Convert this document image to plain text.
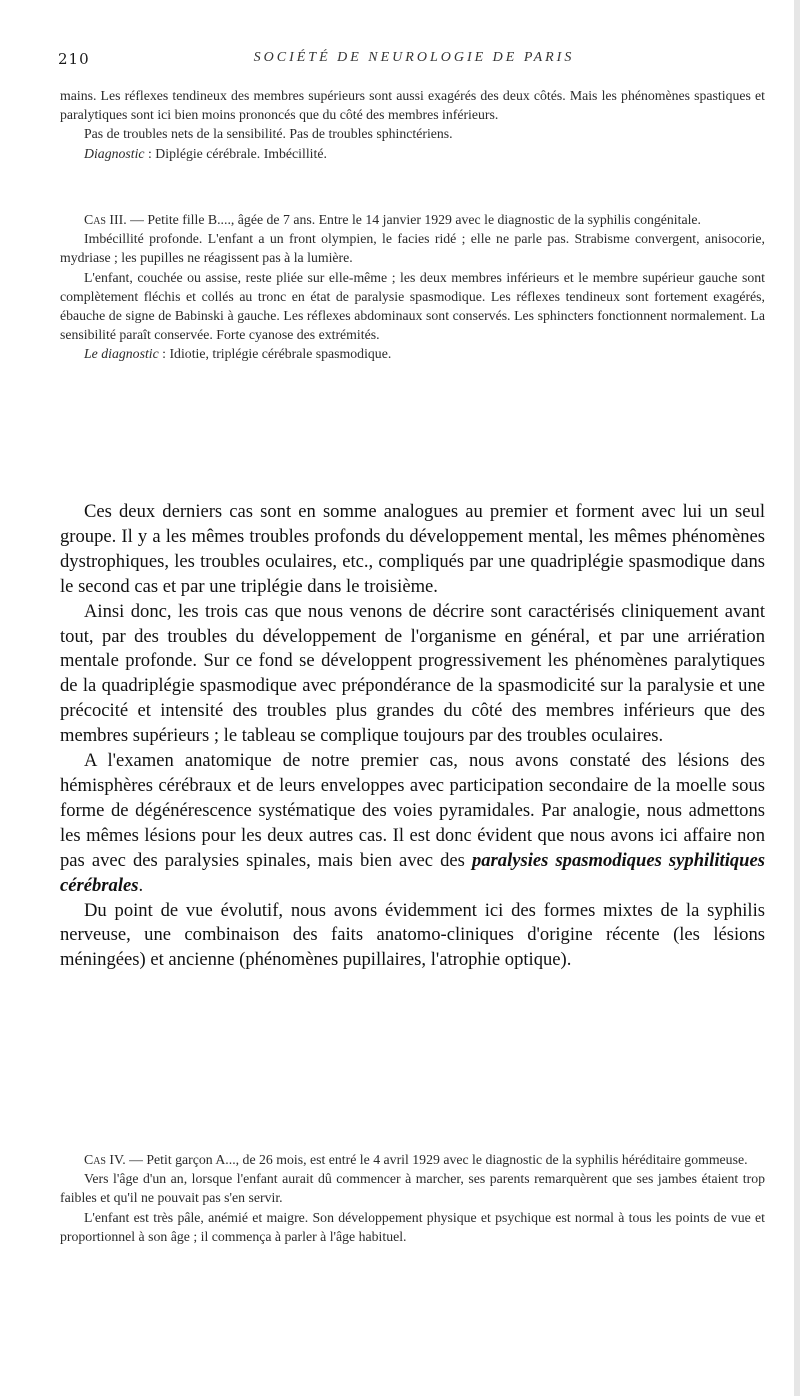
210	SOCIÉTÉ DE NEUROLOGIE DE PARIS

mains. Les réflexes tendineux des membres supérieurs sont aussi exagérés des deux côtés. Mais les phénomènes spastiques et paralytiques sont ici bien moins prononcés que du côté des membres inférieurs.

Pas de troubles nets de la sensibilité. Pas de troubles sphinctériens.

Diagnostic : Diplégie cérébrale. Imbécillité.

Cas III. — Petite fille B...., âgée de 7 ans. Entre le 14 janvier 1929 avec le diagnostic de la syphilis congénitale.

Imbécillité profonde. L'enfant a un front olympien, le facies ridé ; elle ne parle pas. Strabisme convergent, anisocorie, mydriase ; les pupilles ne réagissent pas à la lumière.

L'enfant, couchée ou assise, reste pliée sur elle-même ; les deux membres inférieurs et le membre supérieur gauche sont complètement fléchis et collés au tronc en état de paralysie spasmodique. Les réflexes tendineux sont fortement exagérés, ébauche de signe de Babinski à gauche. Les réflexes abdominaux sont conservés. Les sphincters fonctionnent normalement. La sensibilité paraît conservée. Forte cyanose des extrémités.

Le diagnostic : Idiotie, triplégie cérébrale spasmodique.

Ces deux derniers cas sont en somme analogues au premier et forment avec lui un seul groupe. Il y a les mêmes troubles profonds du développement mental, les mêmes phénomènes dystrophiques, les troubles oculaires, etc., compliqués par une quadriplégie spasmodique dans le second cas et par une triplégie dans le troisième.

Ainsi donc, les trois cas que nous venons de décrire sont caractérisés cliniquement avant tout, par des troubles du développement de l'organisme en général, et par une arriération mentale profonde. Sur ce fond se développent progressivement les phénomènes paralytiques de la quadriplégie spasmodique avec prépondérance de la spasmodicité sur la paralysie et une précocité et intensité des troubles plus grandes du côté des membres inférieurs que des membres supérieurs ; le tableau se complique toujours par des troubles oculaires.

A l'examen anatomique de notre premier cas, nous avons constaté des lésions des hémisphères cérébraux et de leurs enveloppes avec participation secondaire de la moelle sous forme de dégénérescence systématique des voies pyramidales. Par analogie, nous admettons les mêmes lésions pour les deux autres cas. Il est donc évident que nous avons ici affaire non pas avec des paralysies spinales, mais bien avec des paralysies spasmodiques syphilitiques cérébrales.

Du point de vue évolutif, nous avons évidemment ici des formes mixtes de la syphilis nerveuse, une combinaison des faits anatomo-cliniques d'origine récente (les lésions méningées) et ancienne (phénomènes pupillaires, l'atrophie optique).

Cas IV. — Petit garçon A..., de 26 mois, est entré le 4 avril 1929 avec le diagnostic de la syphilis héréditaire gommeuse.

Vers l'âge d'un an, lorsque l'enfant aurait dû commencer à marcher, ses parents remarquèrent que ses jambes étaient trop faibles et qu'il ne pouvait pas s'en servir.

L'enfant est très pâle, anémié et maigre. Son développement physique et psychique est normal à tous les points de vue et proportionnel à son âge ; il commença à parler à l'âge habituel.
